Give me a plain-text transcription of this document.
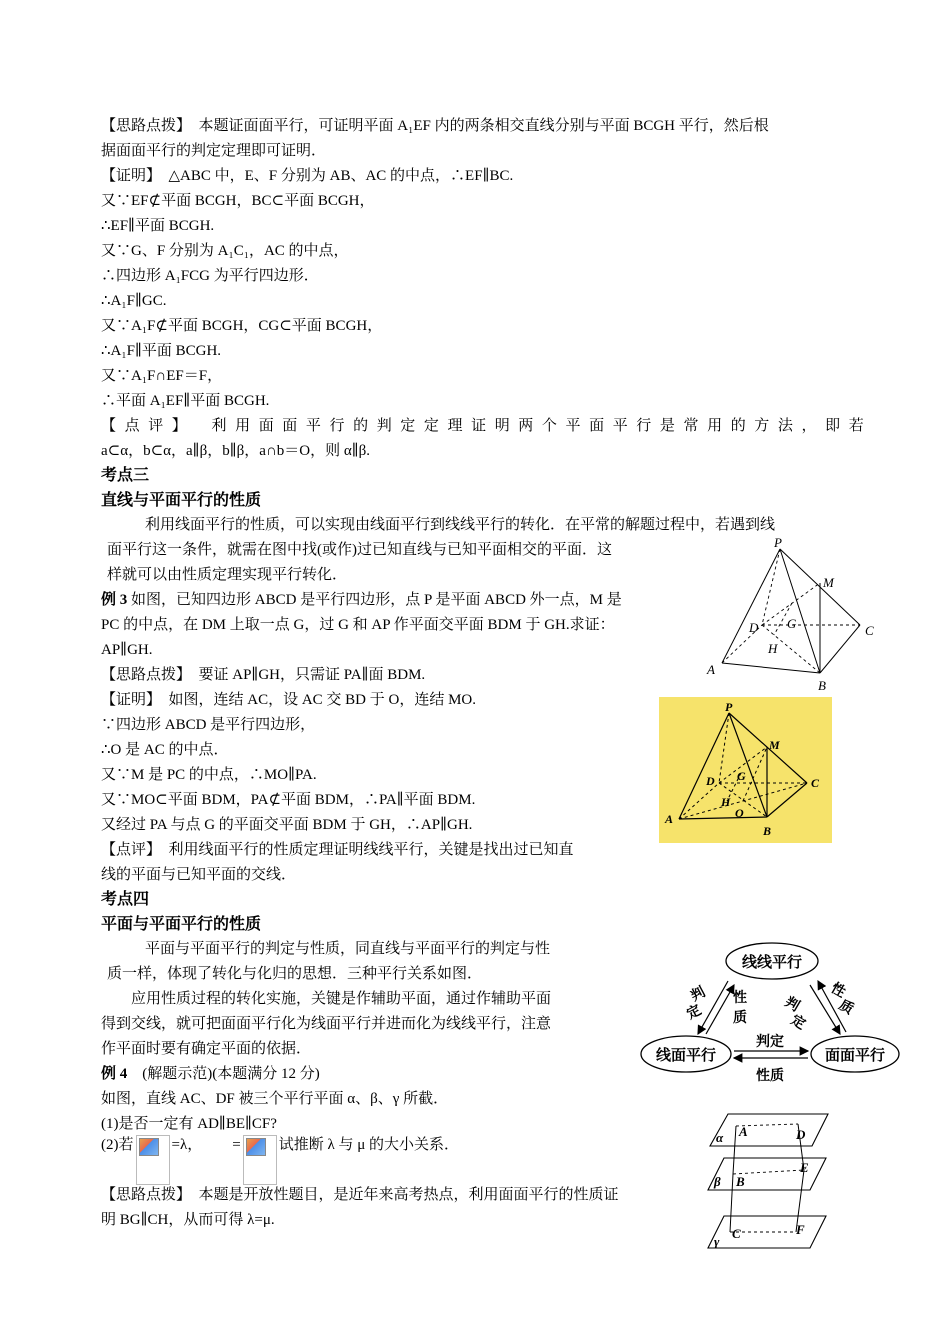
【思路点拨】　本题证面面平行，可证明平面 A₁EF 内的两条相交直线分别与平面 BCGH 平行，然后根
据面面平行的判定定理即可证明．
【证明】　△ABC 中，E、F 分别为 AB、AC 的中点，∴EF∥BC.
又∵EF⊄平面 BCGH，BC⊂平面 BCGH，
∴EF∥平面 BCGH.
又∵G、F 分别为 A₁C₁，AC 的中点，
∴四边形 A₁FCG 为平行四边形．
∴A₁F∥GC.
又∵A₁F⊄平面 BCGH，CG⊂平面 BCGH，
∴A₁F∥平面 BCGH.
又∵A₁F∩EF＝F，
∴平面 A₁EF∥平面 BCGH.
【点评】　利用面面平行的判定定理证明两个平面平行是常用的方法，即若
a⊂α，b⊂α，a∥β，b∥β，a∩b＝O，则 α∥β.
考点三
直线与平面平行的性质
利用线面平行的性质，可以实现由线面平行到线线平行的转化．在平常的解题过程中，若遇到线
面平行这一条件，就需在图中找(或作)过已知直线与已知平面相交的平面．这
样就可以由性质定理实现平行转化．
例 3 如图，已知四边形 ABCD 是平行四边形，点 P 是平面 ABCD 外一点，M 是
PC 的中点，在 DM 上取一点 G，过 G 和 AP 作平面交平面 BDM 于 GH.求证：
AP∥GH.
【思路点拨】　要证 AP∥GH，只需证 PA∥面 BDM.
【证明】　如图，连结 AC，设 AC 交 BD 于 O，连结 MO.
∵四边形 ABCD 是平行四边形，
∴O 是 AC 的中点．
又∵M 是 PC 的中点，∴MO∥PA.
又∵MO⊂平面 BDM，PA⊄平面 BDM，∴PA∥平面 BDM.
又经过 PA 与点 G 的平面交平面 BDM 于 GH，∴AP∥GH.
【点评】　利用线面平行的性质定理证明线线平行，关键是找出过已知直
线的平面与已知平面的交线．
考点四
平面与平面平行的性质
平面与平面平行的判定与性质，同直线与平面平行的判定与性
质一样，体现了转化与化归的思想．三种平行关系如图．
应用性质过程的转化实施，关键是作辅助平面，通过作辅助平面
得到交线，就可把面面平行化为线面平行并进而化为线线平行，注意
作平面时要有确定平面的依据．
例 4　(解题示范)(本题满分 12 分)
如图，直线 AC、DF 被三个平行平面 α、β、γ 所截．
(1)是否一定有 AD∥BE∥CF?
(2)若	=λ， =	试推断 λ 与 μ 的大小关系．
【思路点拨】　本题是开放性题目，是近年来高考热点，利用面面平行的性质证
明 BG∥CH，从而可得 λ=μ.
P
M
D G	C
H
A
B
P
M
D G	C
H
O
A
B
线线平行
线面平行	面面平行
判
定
性
质
判
定
性
质
判定
性质
α A	D
β B
E
γ
C	F
